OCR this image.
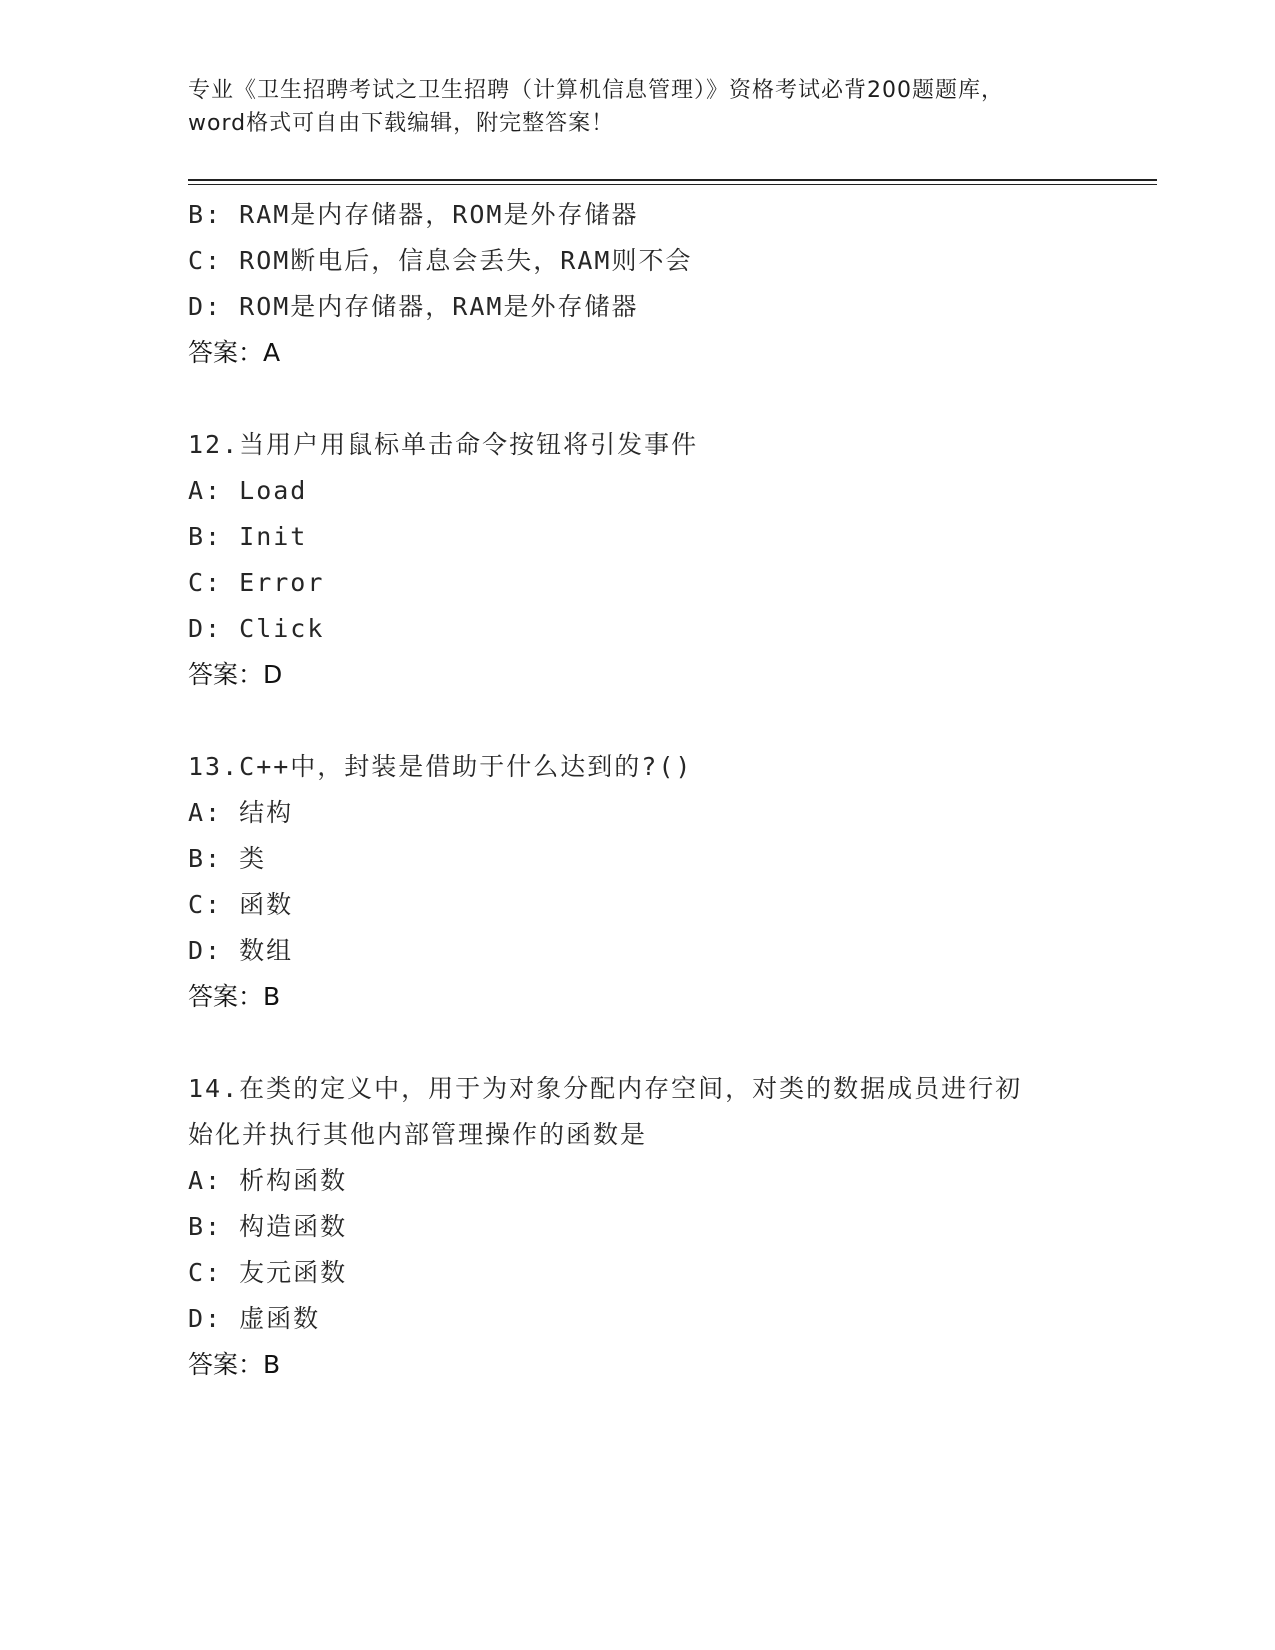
专业《卫生招聘考试之卫生招聘（计算机信息管理）》资格考试必背200题题库，
word格式可自由下载编辑，附完整答案！
B: RAM是内存储器，ROM是外存储器
C: ROM断电后，信息会丢失，RAM则不会
D: ROM是内存储器，RAM是外存储器
答案：A
12.当用户用鼠标单击命令按钮将引发事件
A: Load
B: Init
C: Error
D: Click
答案：D
13.C++中，封装是借助于什么达到的?()
A: 结构
B: 类
C: 函数
D: 数组
答案：B
14.在类的定义中，用于为对象分配内存空间，对类的数据成员进行初
始化并执行其他内部管理操作的函数是
A: 析构函数
B: 构造函数
C: 友元函数
D: 虚函数
答案：B
